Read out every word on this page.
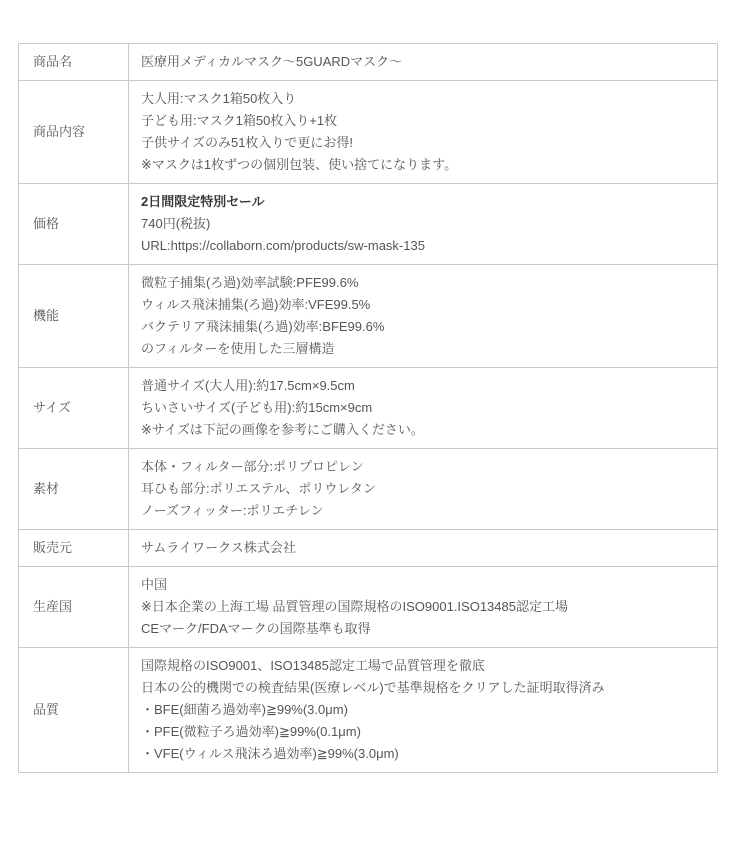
商品名	医療用メディカルマスク〜5GUARDマスク〜

商品内容	大人用:マスク1箱50枚入り
子ども用:マスク1箱50枚入り+1枚
子供サイズのみ51枚入りで更にお得!
※マスクは1枚ずつの個別包装、使い捨てになります。

価格	2日間限定特別セール
740円(税抜)
URL:https://collaborn.com/products/sw-mask-135

機能	微粒子捕集(ろ過)効率試験:PFE99.6%
ウィルス飛沫捕集(ろ過)効率:VFE99.5%
バクテリア飛沫捕集(ろ過)効率:BFE99.6%
のフィルターを使用した三層構造

サイズ	普通サイズ(大人用):約17.5cm×9.5cm
ちいさいサイズ(子ども用):約15cm×9cm
※サイズは下記の画像を参考にご購入ください。

素材	本体・フィルター部分:ポリプロピレン
耳ひも部分:ポリエステル、ポリウレタン
ノーズフィッター:ポリエチレン

販売元	サムライワークス株式会社

生産国	中国
※日本企業の上海工場 品質管理の国際規格のISO9001.ISO13485認定工場
CEマーク/FDAマークの国際基準も取得

品質	国際規格のISO9001、ISO13485認定工場で品質管理を徹底
日本の公的機関での検査結果(医療レベル)で基準規格をクリアした証明取得済み
・BFE(細菌ろ過効率)≧99%(3.0μm)
・PFE(微粒子ろ過効率)≧99%(0.1μm)
・VFE(ウィルス飛沫ろ過効率)≧99%(3.0μm)
